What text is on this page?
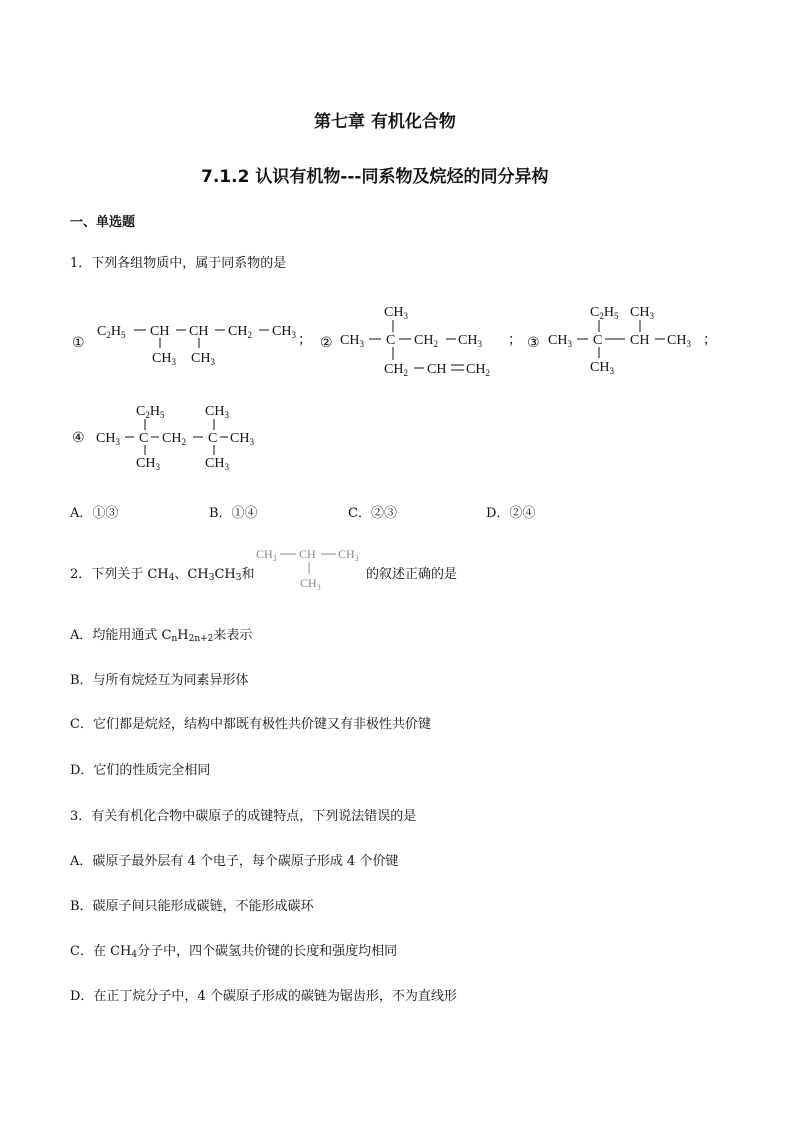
第七章 有机化合物
7.1.2 认识有机物---同系物及烷烃的同分异构
一、单选题
1．下列各组物质中，属于同系物的是
①
$C_2H_5$ CH CH $CH_2$ $CH_3$
$CH_3$ $CH_3$
； ②
$CH_3$
$CH_3$ C $CH_2$ $CH_3$
$CH_2$ CH $CH_2$
； ③
$C_2H_5$ $CH_3$
$CH_3$ C CH $CH_3$
$CH_3$
；
④
$C_2H_5$	$CH_3$
$CH_3$ C $CH_2$ C $CH_3$
$CH_3$	$CH_3$
A．①③	B．①④	C．②③	D．②④
2．下列关于 $CH_4$、$CH_3CH_3$和
$CH_3$ CH $CH_3$
$CH_3$
的叙述正确的是
A．均能用通式 $C_nH_{2n+2}$来表示
B．与所有烷烃互为同素异形体
C．它们都是烷烃，结构中都既有极性共价键又有非极性共价键
D．它们的性质完全相同
3．有关有机化合物中碳原子的成键特点，下列说法错误的是
A．碳原子最外层有 4 个电子，每个碳原子形成 4 个价键
B．碳原子间只能形成碳链，不能形成碳环
C．在 $CH_4$分子中，四个碳氢共价键的长度和强度均相同
D．在正丁烷分子中，4 个碳原子形成的碳链为锯齿形，不为直线形
